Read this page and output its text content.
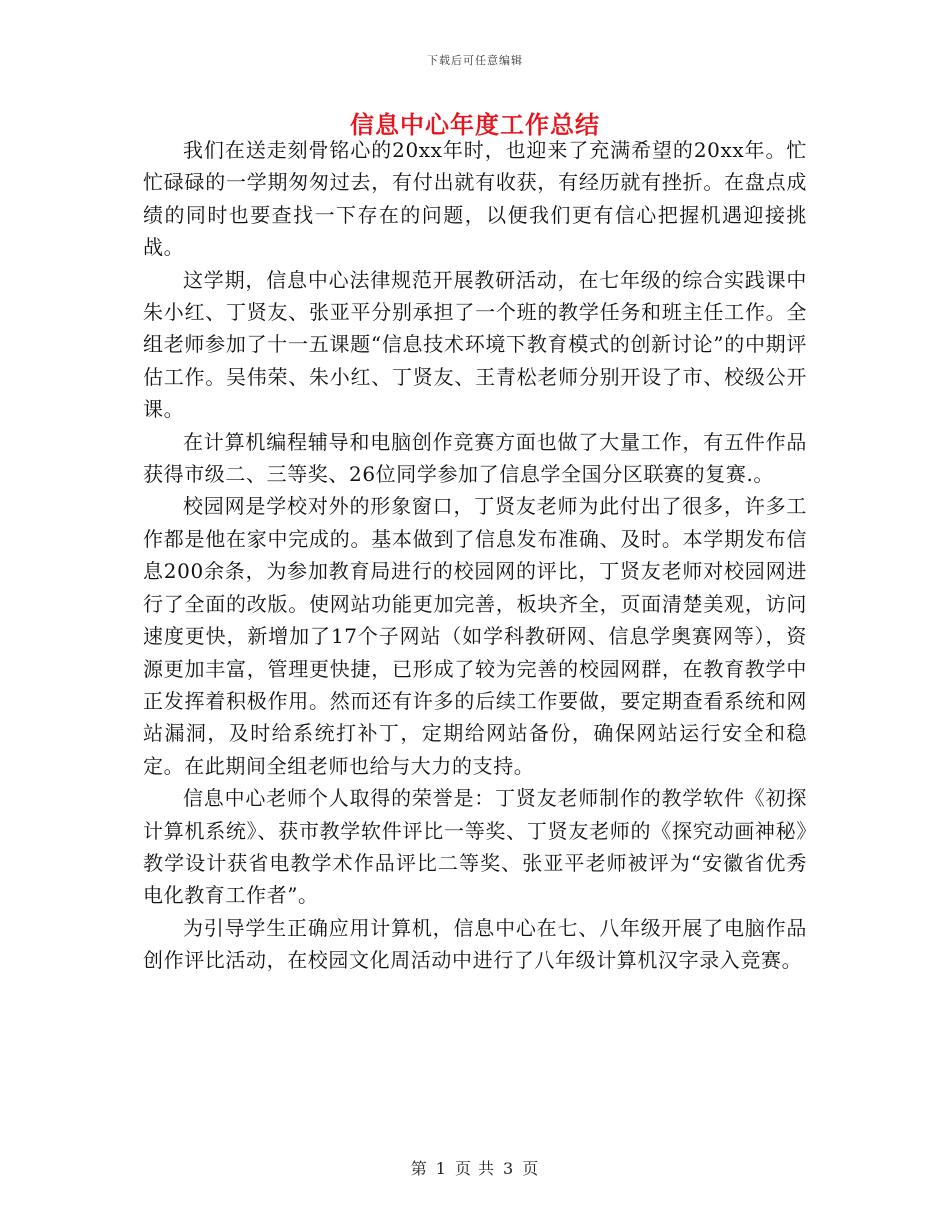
下载后可任意编辑
信息中心年度工作总结

我们在送走刻骨铭心的20xx年时，也迎来了充满希望的20xx年。忙忙碌碌的一学期匆匆过去，有付出就有收获，有经历就有挫折。在盘点成绩的同时也要查找一下存在的问题，以便我们更有信心把握机遇迎接挑战。

这学期，信息中心法律规范开展教研活动，在七年级的综合实践课中朱小红、丁贤友、张亚平分别承担了一个班的教学任务和班主任工作。全组老师参加了十一五课题“信息技术环境下教育模式的创新讨论”的中期评估工作。吴伟荣、朱小红、丁贤友、王青松老师分别开设了市、校级公开课。

在计算机编程辅导和电脑创作竞赛方面也做了大量工作，有五件作品获得市级二、三等奖、26位同学参加了信息学全国分区联赛的复赛.。

校园网是学校对外的形象窗口，丁贤友老师为此付出了很多，许多工作都是他在家中完成的。基本做到了信息发布准确、及时。本学期发布信息200余条，为参加教育局进行的校园网的评比，丁贤友老师对校园网进行了全面的改版。使网站功能更加完善，板块齐全，页面清楚美观，访问速度更快，新增加了17个子网站（如学科教研网、信息学奥赛网等），资源更加丰富，管理更快捷，已形成了较为完善的校园网群，在教育教学中正发挥着积极作用。然而还有许多的后续工作要做，要定期查看系统和网站漏洞，及时给系统打补丁，定期给网站备份，确保网站运行安全和稳定。在此期间全组老师也给与大力的支持。

信息中心老师个人取得的荣誉是：丁贤友老师制作的教学软件《初探计算机系统》、获市教学软件评比一等奖、丁贤友老师的《探究动画神秘》教学设计获省电教学术作品评比二等奖、张亚平老师被评为“安徽省优秀电化教育工作者”。

为引导学生正确应用计算机，信息中心在七、八年级开展了电脑作品创作评比活动，在校园文化周活动中进行了八年级计算机汉字录入竞赛。

第 1 页 共 3 页
